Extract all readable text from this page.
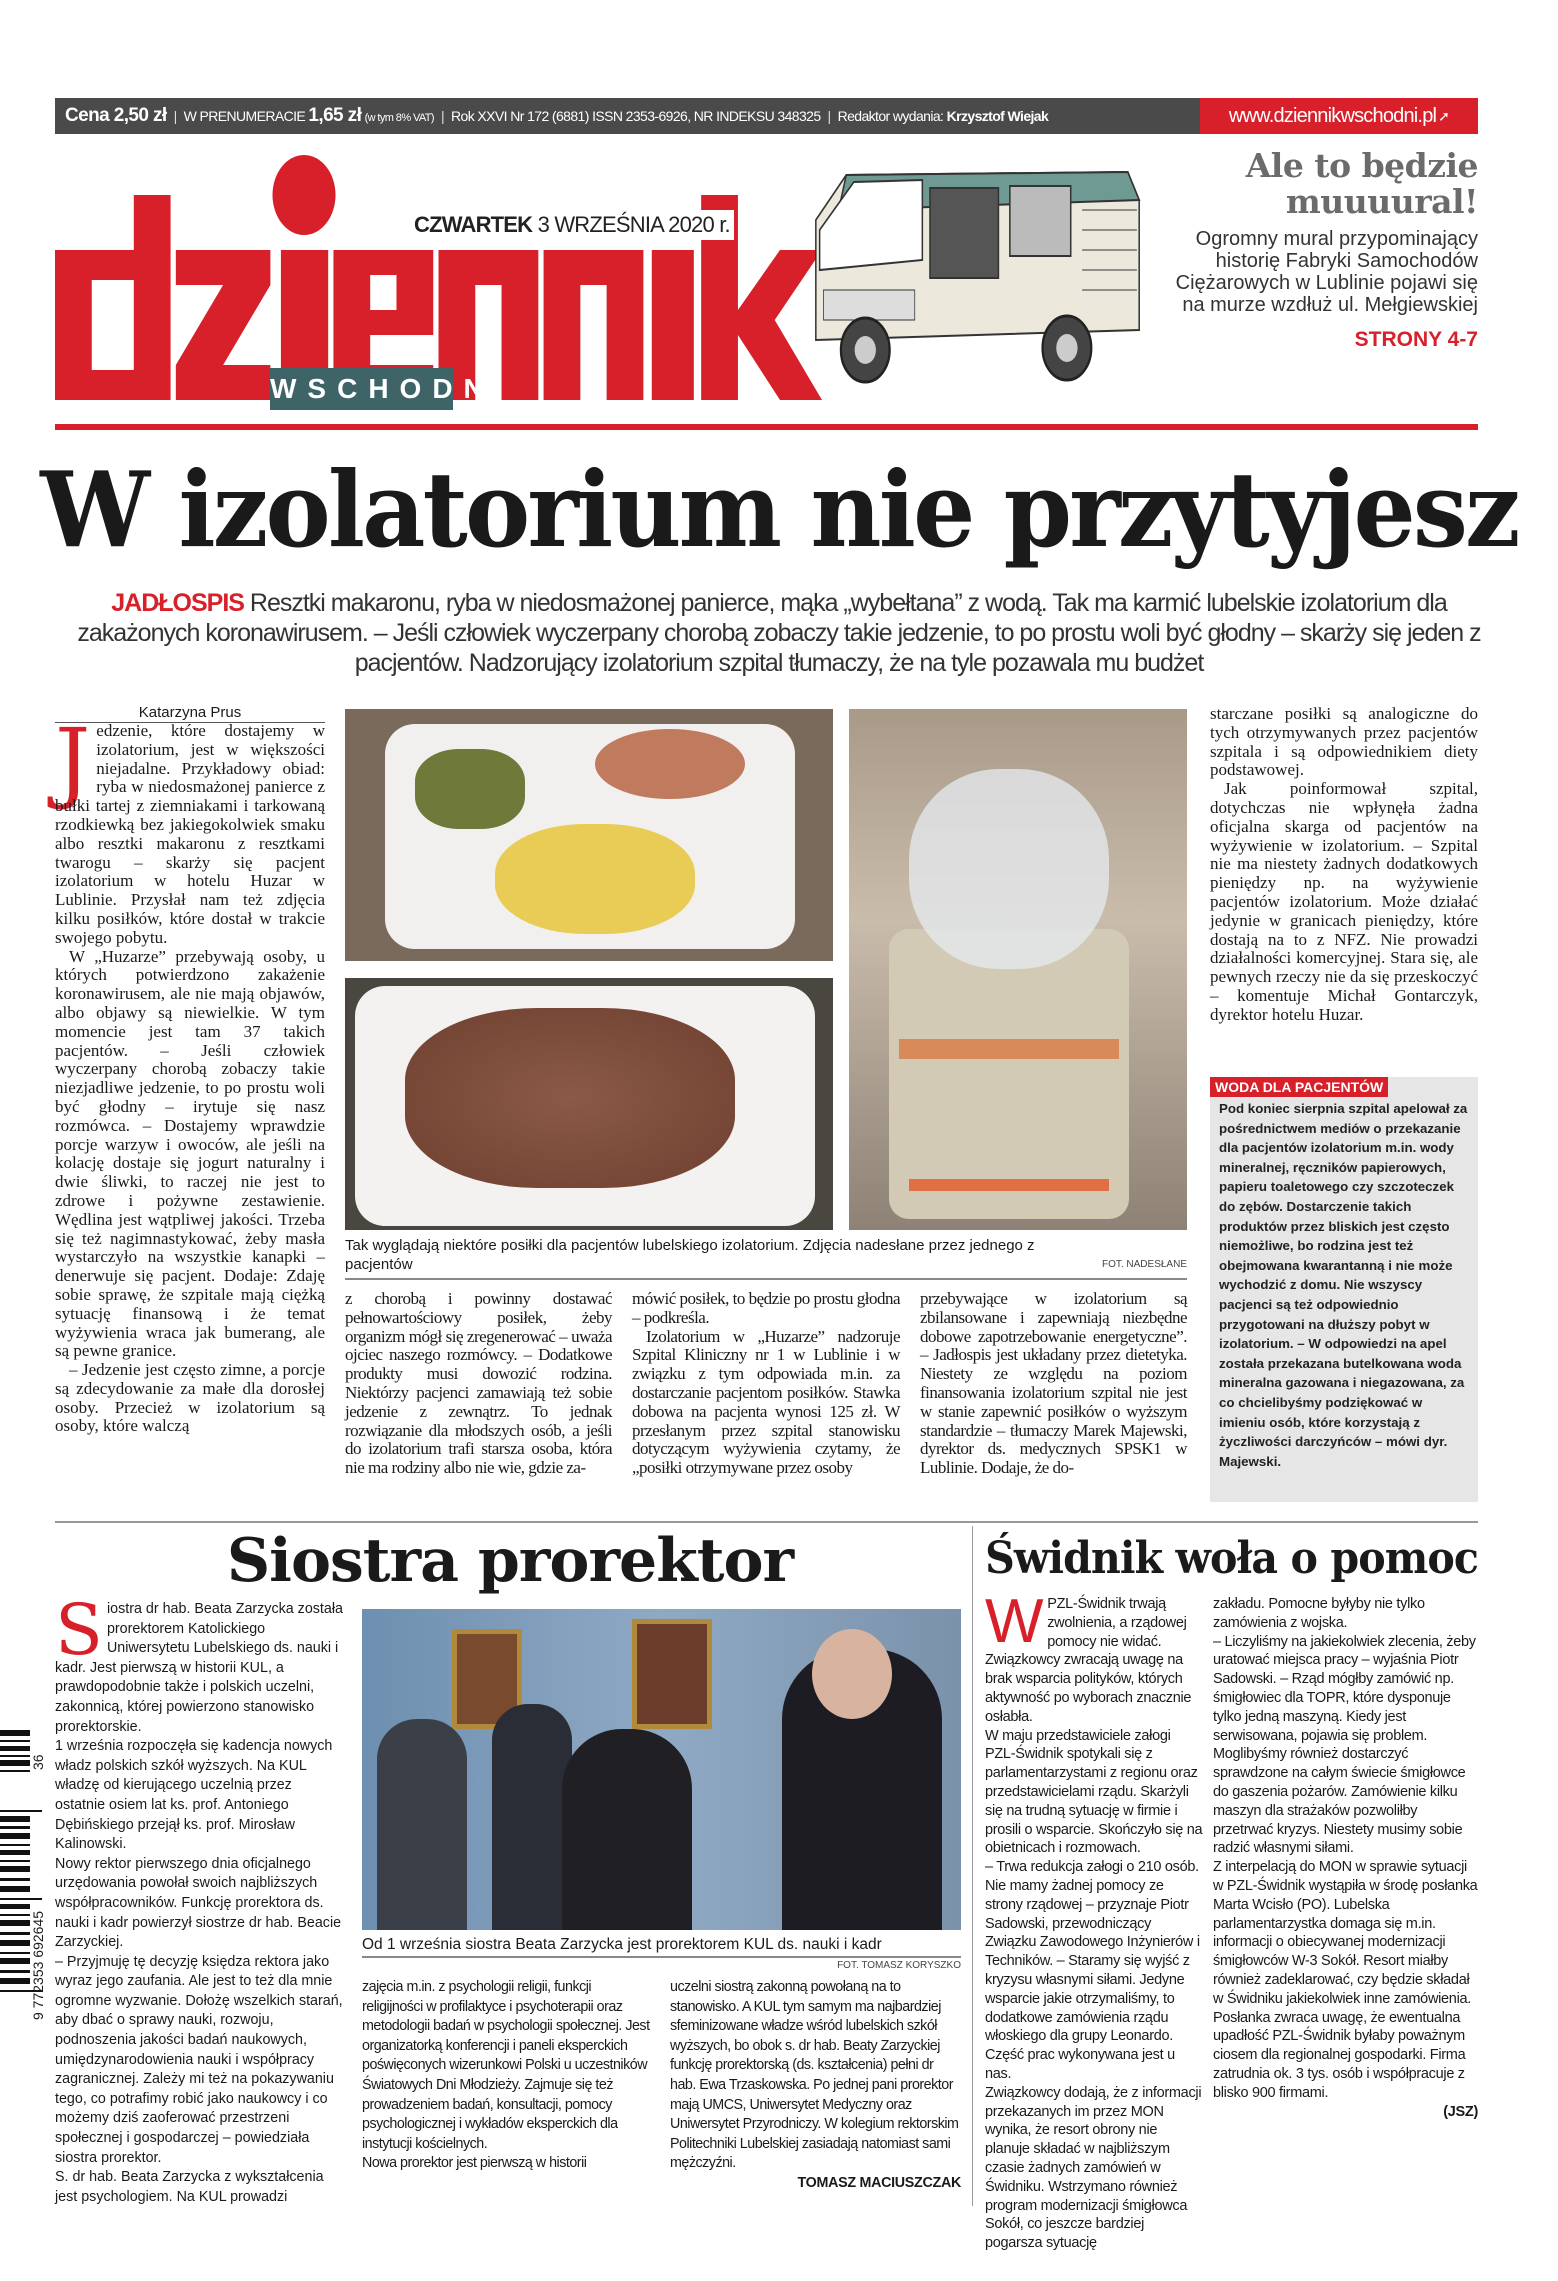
Cena 2,50 zł | W PRENUMERACIE 1,65 zł (w tym 8% VAT) | Rok XXVI Nr 172 (6881) ISSN 2353-6926, NR INDEKSU 348325 | Redaktor wydania: Krzysztof Wiejak	www.dziennikwschodni.pl ➚
WSCHODNI
CZWARTEK 3 WRZEŚNIA 2020 r.
Ale to będzie
muuuural!

Ogromny mural przypominający historię Fabryki Samochodów Ciężarowych w Lublinie pojawi się na murze wzdłuż ul. Mełgiewskiej

STRONY 4-7
W izolatorium nie przytyjesz
JADŁOSPIS Resztki makaronu, ryba w niedosmażonej panierce, mąka „wybełtana” z wodą. Tak ma karmić lubelskie izolatorium dla zakażonych koronawirusem. – Jeśli człowiek wyczerpany chorobą zobaczy takie jedzenie, to po prostu woli być głodny – skarży się jeden z pacjentów. Nadzorujący izolatorium szpital tłumaczy, że na tyle pozawala mu budżet
Katarzyna Prus
J edzenie, które dostajemy w izolatorium, jest w większości niejadalne. Przykładowy obiad: ryba w niedosmażonej panierce z bułki tartej z ziemniakami i tarkowaną rzodkiewką bez jakiegokolwiek smaku albo resztki makaronu z resztkami twarogu – skarży się pacjent izolatorium w hotelu Huzar w Lublinie. Przysłał nam też zdjęcia kilku posiłków, które dostał w trakcie swojego pobytu.

W „Huzarze” przebywają osoby, u których potwierdzono zakażenie koronawirusem, ale nie mają objawów, albo objawy są niewielkie. W tym momencie jest tam 37 takich pacjentów. – Jeśli człowiek wyczerpany chorobą zobaczy takie niezjadliwe jedzenie, to po prostu woli być głodny – irytuje się nasz rozmówca. – Dostajemy wprawdzie porcje warzyw i owoców, ale jeśli na kolację dostaje się jogurt naturalny i dwie śliwki, to raczej nie jest to zdrowe i pożywne zestawienie. Wędlina jest wątpliwej jakości. Trzeba się też nagimnastykować, żeby masła wystarczyło na wszystkie kanapki – denerwuje się pacjent. Dodaje: Zdaję sobie sprawę, że szpitale mają ciężką sytuację finansową i że temat wyżywienia wraca jak bumerang, ale są pewne granice.

– Jedzenie jest często zimne, a porcje są zdecydowanie za małe dla dorosłej osoby. Przecież w izolatorium są osoby, które walczą

Tak wyglądają niektóre posiłki dla pacjentów lubelskiego izolatorium. Zdjęcia nadesłane przez jednego z pacjentów	FOT. NADESŁANE

z chorobą i powinny dostawać pełnowartościowy posiłek, żeby organizm mógł się zregenerować – uważa ojciec naszego rozmówcy. – Dodatkowe produkty musi dowozić rodzina. Niektórzy pacjenci zamawiają też sobie jedzenie z zewnątrz. To jednak rozwiązanie dla młodszych osób, a jeśli do izolatorium trafi starsza osoba, która nie ma rodziny albo nie wie, gdzie za-

mówić posiłek, to będzie po prostu głodna – podkreśla.

Izolatorium w „Huzarze” nadzoruje Szpital Kliniczny nr 1 w Lublinie i w związku z tym odpowiada m.in. za dostarczanie pacjentom posiłków. Stawka dobowa na pacjenta wynosi 125 zł. W przesłanym przez szpital stanowisku dotyczącym wyżywienia czytamy, że „posiłki otrzymywane przez osoby

przebywające w izolatorium są zbilansowane i zapewniają niezbędne dobowe zapotrzebowanie energetyczne”. – Jadłospis jest układany przez dietetyka. Niestety ze względu na poziom finansowania izolatorium szpital nie jest w stanie zapewnić posiłków o wyższym standardzie – tłumaczy Marek Majewski, dyrektor ds. medycznych SPSK1 w Lublinie. Dodaje, że do-

starczane posiłki są analogiczne do tych otrzymywanych przez pacjentów szpitala i są odpowiednikiem diety podstawowej.

Jak poinformował szpital, dotychczas nie wpłynęła żadna oficjalna skarga od pacjentów na wyżywienie w izolatorium. – Szpital nie ma niestety żadnych dodatkowych pieniędzy np. na wyżywienie pacjentów izolatorium. Może działać jedynie w granicach pieniędzy, które dostają na to z NFZ. Nie prowadzi działalności komercyjnej. Stara się, ale pewnych rzeczy nie da się przeskoczyć – komentuje Michał Gontarczyk, dyrektor hotelu Huzar.

WODA DLA PACJENTÓW

Pod koniec sierpnia szpital apelował za pośrednictwem mediów o przekazanie dla pacjentów izolatorium m.in. wody mineralnej, ręczników papierowych, papieru toaletowego czy szczoteczek do zębów. Dostarczenie takich produktów przez bliskich jest często niemożliwe, bo rodzina jest też obejmowana kwarantanną i nie może wychodzić z domu. Nie wszyscy pacjenci są też odpowiednio przygotowani na dłuższy pobyt w izolatorium. – W odpowiedzi na apel została przekazana butelkowana woda mineralna gazowana i niegazowana, za co chcielibyśmy podziękować w imieniu osób, które korzystają z życzliwości darczyńców – mówi dyr. Majewski.

Siostra prorektor
S iostra dr hab. Beata Zarzycka została prorektorem Katolickiego Uniwersytetu Lubelskiego ds. nauki i kadr. Jest pierwszą w historii KUL, a prawdopodobnie także i polskich uczelni, zakonnicą, której powierzono stanowisko prorektorskie.

1 września rozpoczęła się kadencja nowych władz polskich szkół wyższych. Na KUL władzę od kierującego uczelnią przez ostatnie osiem lat ks. prof. Antoniego Dębińskiego przejął ks. prof. Mirosław Kalinowski.

Nowy rektor pierwszego dnia oficjalnego urzędowania powołał swoich najbliższych współpracowników. Funkcję prorektora ds. nauki i kadr powierzył siostrze dr hab. Beacie Zarzyckiej.

– Przyjmuję tę decyzję księdza rektora jako wyraz jego zaufania. Ale jest to też dla mnie ogromne wyzwanie. Dołożę wszelkich starań, aby dbać o sprawy nauki, rozwoju, podnoszenia jakości badań naukowych, umiędzynarodowienia nauki i współpracy zagranicznej. Zależy mi też na pokazywaniu tego, co potrafimy robić jako naukowcy i co możemy dziś zaoferować przestrzeni społecznej i gospodarczej – powiedziała siostra prorektor.

S. dr hab. Beata Zarzycka z wykształcenia jest psychologiem. Na KUL prowadzi

Od 1 września siostra Beata Zarzycka jest prorektorem KUL ds. nauki i kadr
FOT. TOMASZ KORYSZKO

zajęcia m.in. z psychologii religii, funkcji religijności w profilaktyce i psychoterapii oraz metodologii badań w psychologii społecznej. Jest organizatorką konferencji i paneli eksperckich poświęconych wizerunkowi Polski u uczestników Światowych Dni Młodzieży. Zajmuje się też prowadzeniem badań, konsultacji, pomocy psychologicznej i wykładów eksperckich dla instytucji kościelnych.

Nowa prorektor jest pierwszą w historii

uczelni siostrą zakonną powołaną na to stanowisko. A KUL tym samym ma najbardziej sfeminizowane władze wśród lubelskich szkół wyższych, bo obok s. dr hab. Beaty Zarzyckiej funkcję prorektorską (ds. kształcenia) pełni dr hab. Ewa Trzaskowska. Po jednej pani prorektor mają UMCS, Uniwersytet Medyczny oraz Uniwersytet Przyrodniczy. W kolegium rektorskim Politechniki Lubelskiej zasiadają natomiast sami mężczyźni.

TOMASZ MACIUSZCZAK
Świdnik woła o pomoc
W PZL-Świdnik trwają zwolnienia, a rządowej pomocy nie widać. Związkowcy zwracają uwagę na brak wsparcia polityków, których aktywność po wyborach znacznie osłabła.

W maju przedstawiciele załogi PZL-Świdnik spotykali się z parlamentarzystami z regionu oraz przedstawicielami rządu. Skarżyli się na trudną sytuację w firmie i prosili o wsparcie. Skończyło się na obietnicach i rozmowach.

– Trwa redukcja załogi o 210 osób. Nie mamy żadnej pomocy ze strony rządowej – przyznaje Piotr Sadowski, przewodniczący Związku Zawodowego Inżynierów i Techników. – Staramy się wyjść z kryzysu własnymi siłami. Jedyne wsparcie jakie otrzymaliśmy, to dodatkowe zamówienia rządu włoskiego dla grupy Leonardo. Część prac wykonywana jest u nas.

Związkowcy dodają, że z informacji przekazanych im przez MON wynika, że resort obrony nie planuje składać w najbliższym czasie żadnych zamówień w Świdniku. Wstrzymano również program modernizacji śmigłowca Sokół, co jeszcze bardziej pogarsza sytuację

zakładu. Pomocne byłyby nie tylko zamówienia z wojska.

– Liczyliśmy na jakiekolwiek zlecenia, żeby uratować miejsca pracy – wyjaśnia Piotr Sadowski. – Rząd mógłby zamówić np. śmigłowiec dla TOPR, które dysponuje tylko jedną maszyną. Kiedy jest serwisowana, pojawia się problem. Moglibyśmy również dostarczyć sprawdzone na całym świecie śmigłowce do gaszenia pożarów. Zamówienie kilku maszyn dla strażaków pozwoliłby przetrwać kryzys. Niestety musimy sobie radzić własnymi siłami.

Z interpelacją do MON w sprawie sytuacji w PZL-Świdnik wystąpiła w środę posłanka Marta Wcisło (PO). Lubelska parlamentarzystka domaga się m.in. informacji o obiecywanej modernizacji śmigłowców W-3 Sokół. Resort miałby również zadeklarować, czy będzie składał w Świdniku jakiekolwiek inne zamówienia. Posłanka zwraca uwagę, że ewentualna upadłość PZL-Świdnik byłaby poważnym ciosem dla regionalnej gospodarki. Firma zatrudnia ok. 3 tys. osób i współpracuje z blisko 900 firmami.

(JSZ)
9 772353 692645
36
